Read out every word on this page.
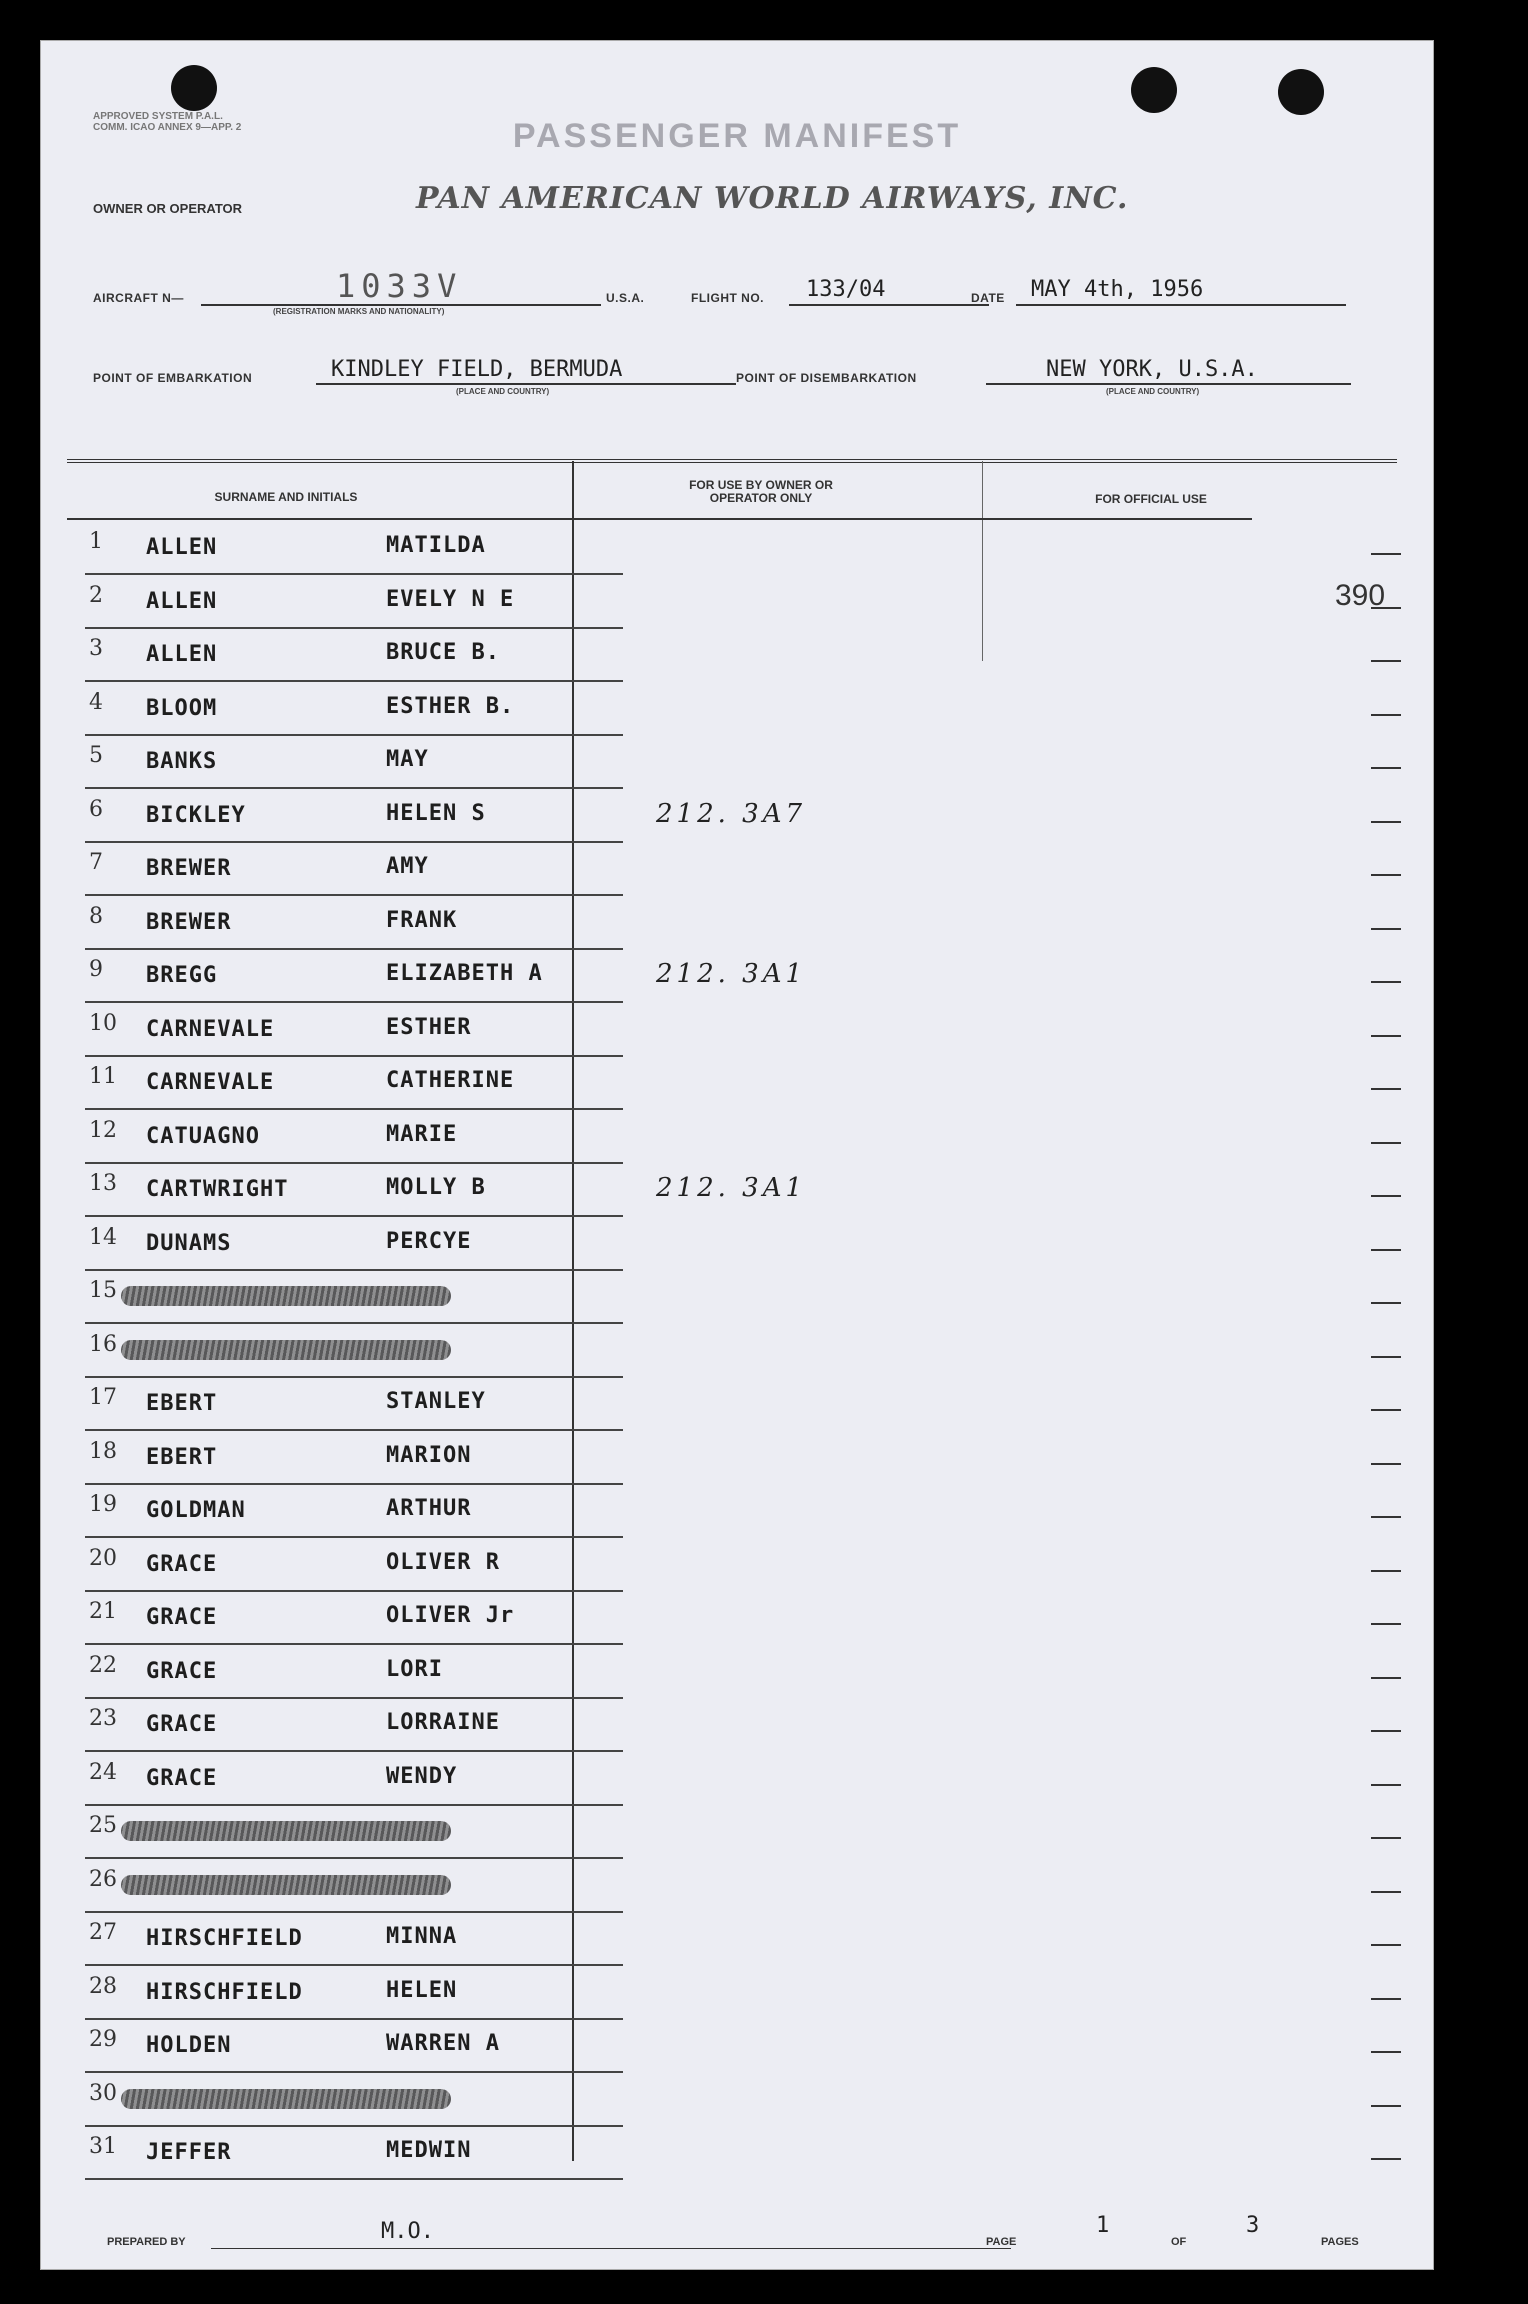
APPROVED SYSTEM P.A.L. COMM. ICAO ANNEX 9—APP. 2	PASSENGER MANIFEST
OWNER OR OPERATOR	PAN AMERICAN WORLD AIRWAYS, INC.
AIRCRAFT N—	1033V
(REGISTRATION MARKS AND NATIONALITY)
U.S.A.	FLIGHT NO. 133/04	DATE MAY 4th, 1956
POINT OF EMBARKATION	KINDLEY FIELD, BERMUDA
(PLACE AND COUNTRY)
POINT OF DISEMBARKATION	NEW YORK, U.S.A.
(PLACE AND COUNTRY)
SURNAME AND INITIALS
FOR USE BY OWNER OR OPERATOR ONLY	FOR OFFICIAL USE
390
1 ALLEN	MATILDA
2 ALLEN	EVELY N E
3 ALLEN	BRUCE B.
4 BLOOM	ESTHER B.
5 BANKS	MAY
6 BICKLEY	HELEN S	212. 3A7
7 BREWER	AMY
8 BREWER	FRANK
9 BREGG	ELIZABETH A	212. 3A1
10 CARNEVALE	ESTHER
11 CARNEVALE	CATHERINE
12 CATUAGNO	MARIE
13 CARTWRIGHT	MOLLY B	212. 3A1
14 DUNAMS	PERCYE
15
16
17 EBERT	STANLEY
18 EBERT	MARION
19 GOLDMAN	ARTHUR
20 GRACE	OLIVER R
21 GRACE	OLIVER Jr
22 GRACE	LORI
23 GRACE	LORRAINE
24 GRACE	WENDY
25
26
27 HIRSCHFIELD	MINNA
28 HIRSCHFIELD	HELEN
29 HOLDEN	WARREN A
30
31 JEFFER	MEDWIN
PREPARED BY	M.O.	PAGE
1
OF
3
PAGES
